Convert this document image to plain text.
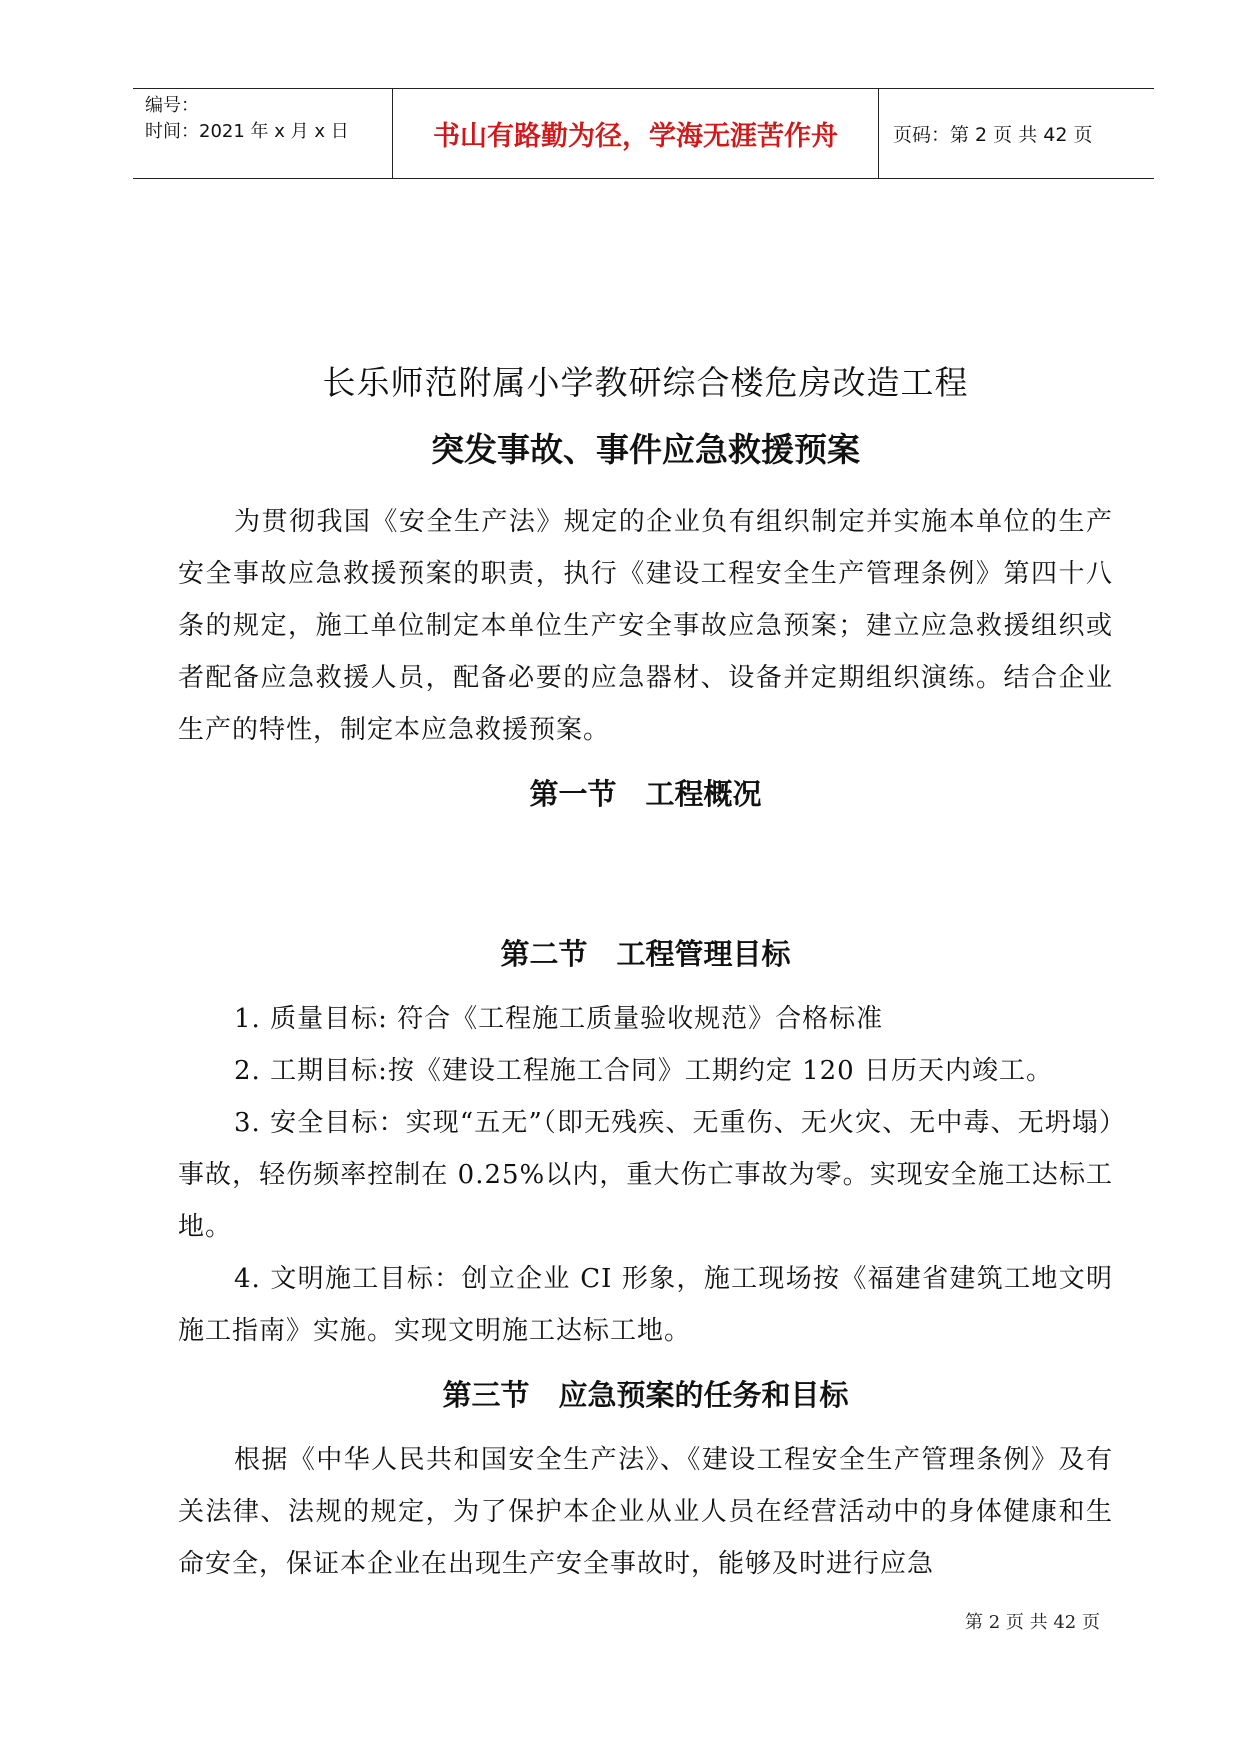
编号：
时间：2021 年 x 月 x 日	书山有路勤为径，学海无涯苦作舟	页码：第 2 页 共 42 页
长乐师范附属小学教研综合楼危房改造工程
突发事故、事件应急救援预案

为贯彻我国《安全生产法》规定的企业负有组织制定并实施本单位的生产安全事故应急救援预案的职责，执行《建设工程安全生产管理条例》第四十八条的规定，施工单位制定本单位生产安全事故应急预案；建立应急救援组织或者配备应急救援人员，配备必要的应急器材、设备并定期组织演练。结合企业生产的特性，制定本应急救援预案。

第一节　工程概况
第二节　工程管理目标

1. 质量目标: 符合《工程施工质量验收规范》合格标准

2. 工期目标:按《建设工程施工合同》工期约定 120 日历天内竣工。

3. 安全目标：实现“五无”（即无残疾、无重伤、无火灾、无中毒、无坍塌）事故，轻伤频率控制在 0.25%以内，重大伤亡事故为零。实现安全施工达标工地。

4. 文明施工目标：创立企业 CI 形象，施工现场按《福建省建筑工地文明施工指南》实施。实现文明施工达标工地。

第三节　应急预案的任务和目标

根据《中华人民共和国安全生产法》、《建设工程安全生产管理条例》及有关法律、法规的规定，为了保护本企业从业人员在经营活动中的身体健康和生命安全，保证本企业在出现生产安全事故时，能够及时进行应急

第 2 页 共 42 页
